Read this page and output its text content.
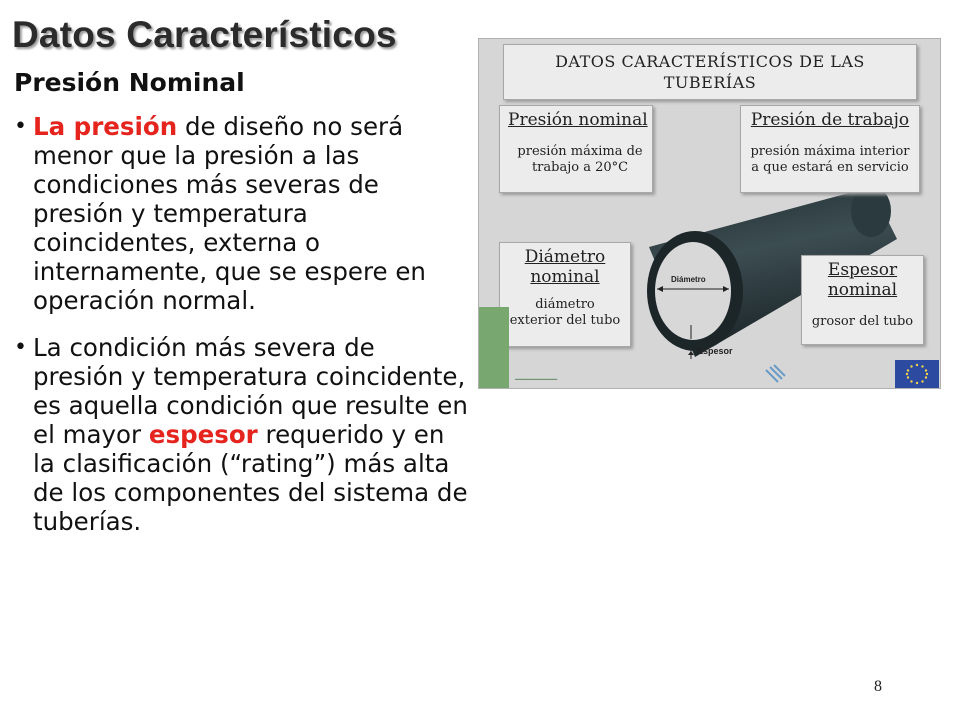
Datos Característicos
Presión Nominal
• La presión de diseño no será menor que la presión a las condiciones más severas de presión y temperatura coincidentes, externa o internamente, que se espere en operación normal.
• La condición más severa de presión y temperatura coincidente, es aquella condición que resulte en el mayor espesor requerido y en la clasificación (“rating”) más alta de los componentes del sistema de tuberías.
DATOS CARACTERÍSTICOS DE LAS
TUBERÍAS
Presión nominal
presión máxima de
trabajo a 20°C
Presión de trabajo
presión máxima interior
a que estará en servicio
Diámetro
nominal
diámetro
exterior del tubo
Espesor
nominal
grosor del tubo
Diámetro
Espesor
━━━━━━━━━━━━━━
8
